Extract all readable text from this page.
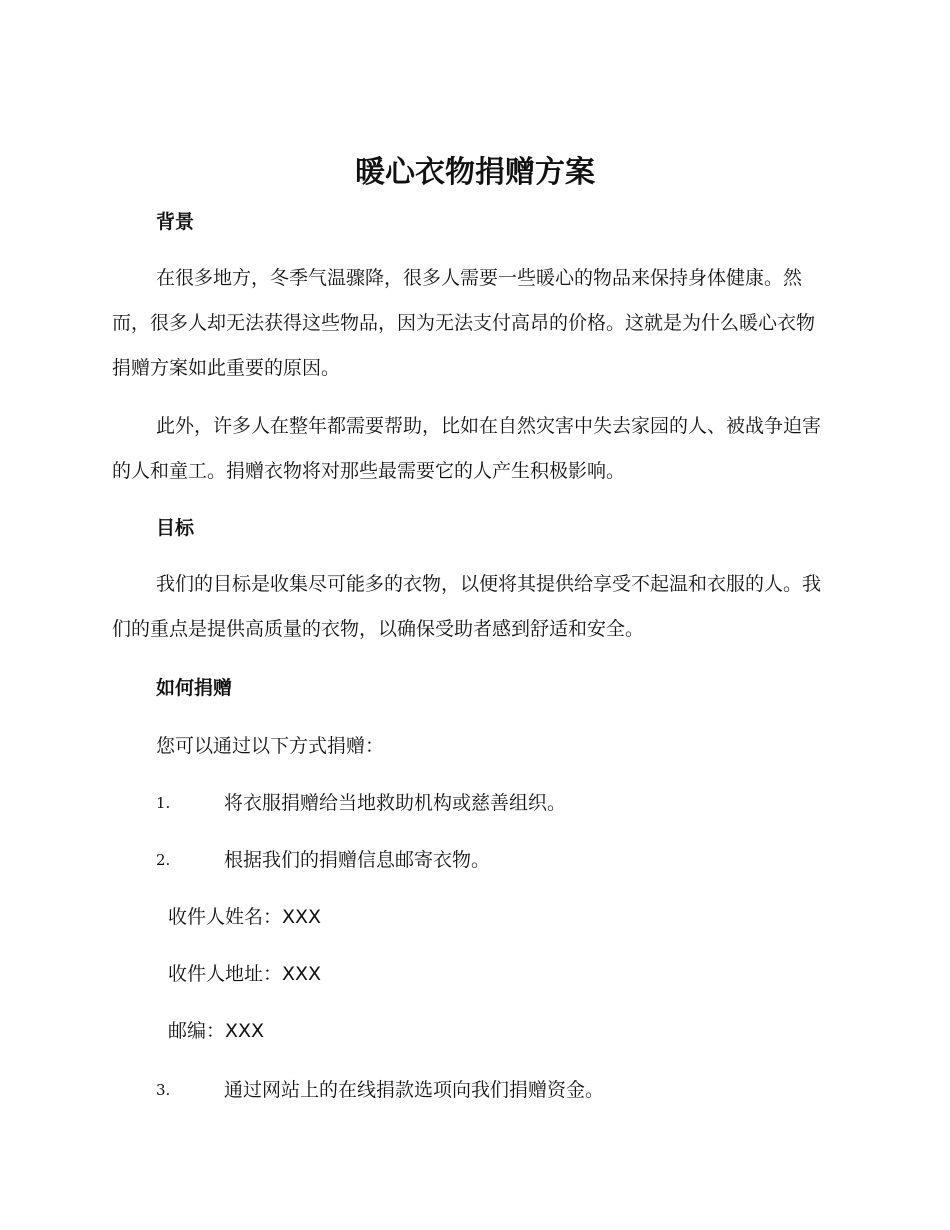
暖心衣物捐赠方案
背景

在很多地方，冬季气温骤降，很多人需要一些暖心的物品来保持身体健康。然而，很多人却无法获得这些物品，因为无法支付高昂的价格。这就是为什么暖心衣物捐赠方案如此重要的原因。

此外，许多人在整年都需要帮助，比如在自然灾害中失去家园的人、被战争迫害的人和童工。捐赠衣物将对那些最需要它的人产生积极影响。

目标

我们的目标是收集尽可能多的衣物，以便将其提供给享受不起温和衣服的人。我们的重点是提供高质量的衣物，以确保受助者感到舒适和安全。

如何捐赠

您可以通过以下方式捐赠：

1.	将衣服捐赠给当地救助机构或慈善组织。
2.	根据我们的捐赠信息邮寄衣物。

收件人姓名：XXX

收件人地址：XXX

邮编：XXX

3.	通过网站上的在线捐款选项向我们捐赠资金。
